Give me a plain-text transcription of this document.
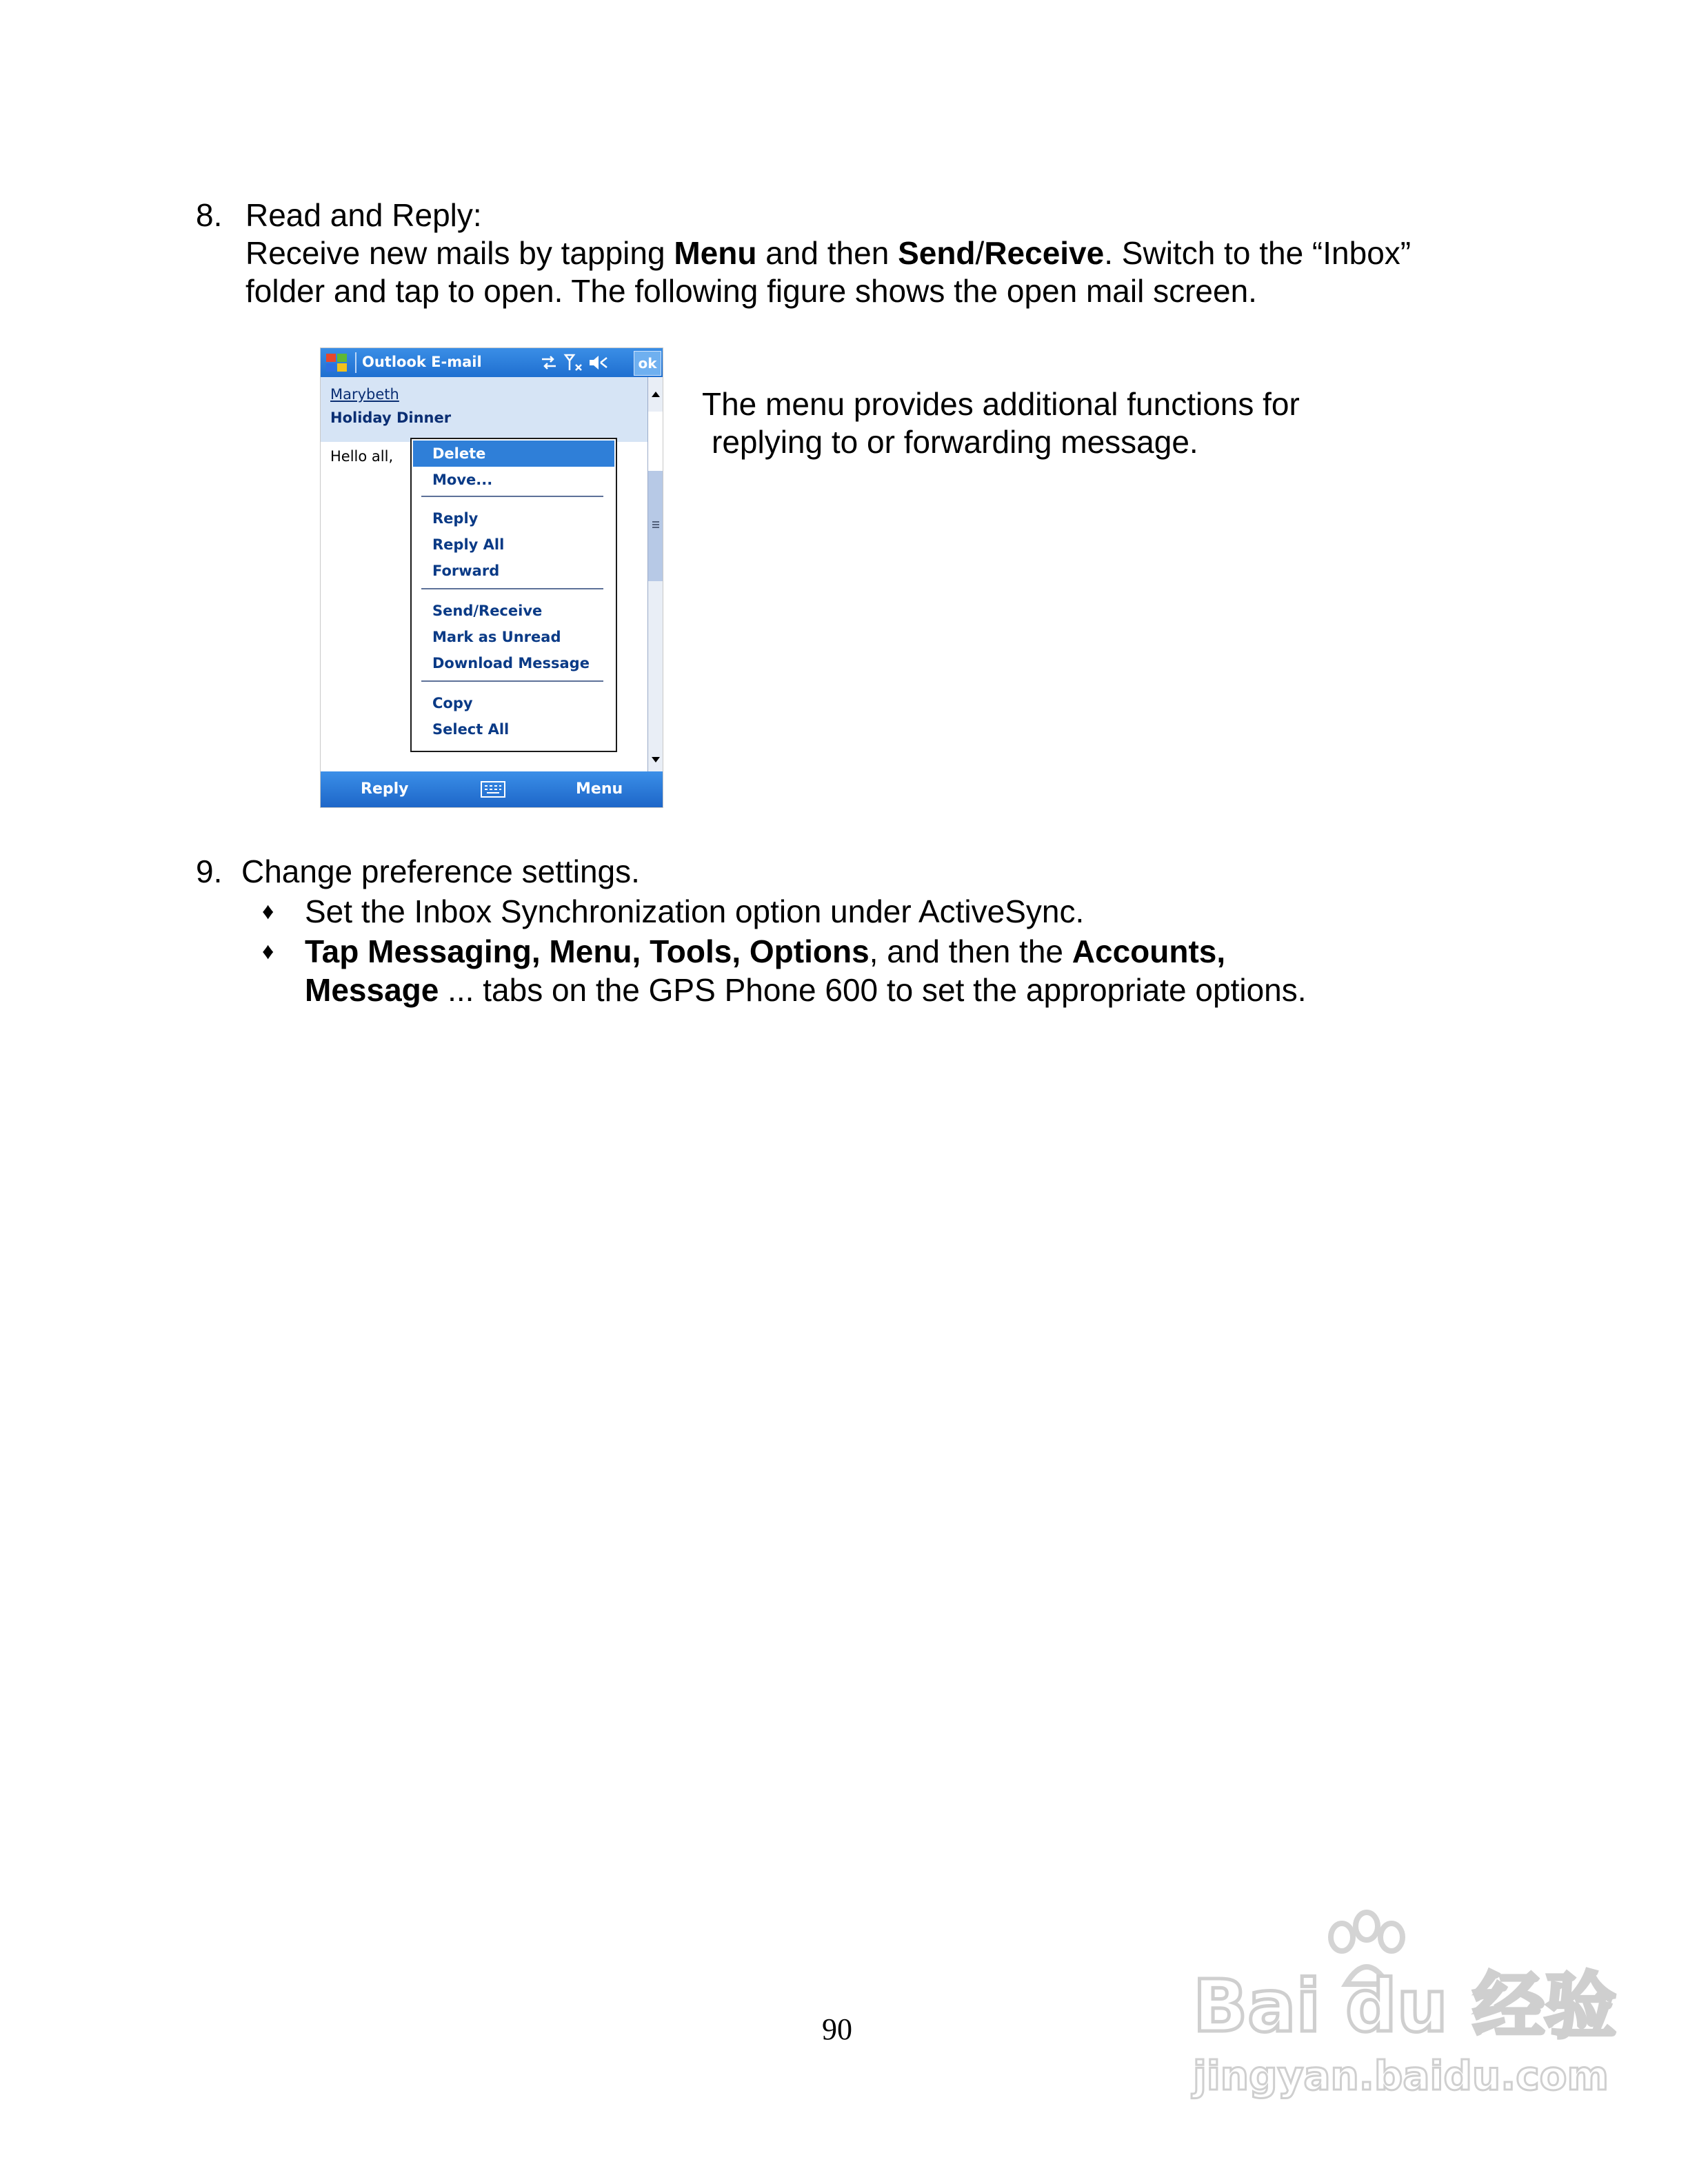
8. Read and Reply:
Receive new mails by tapping Menu and then Send/Receive. Switch to the “Inbox”
folder and tap to open. The following figure shows the open mail screen.
Outlook E-mail	ok
Marybeth
Holiday Dinner
Hello all,	Delete
Move...
Reply
Reply All
Forward
Send/Receive
Mark as Unread
Download Message
Copy
Select All
Reply	Menu
The menu provides additional functions for
replying to or forwarding message.
9. Change preference settings.
♦ Set the Inbox Synchronization option under ActiveSync.
♦ Tap Messaging, Menu, Tools, Options, and then the Accounts,
Message ... tabs on the GPS Phone 600 to set the appropriate options.
90	Bai du 经验
jingyan.baidu.com
